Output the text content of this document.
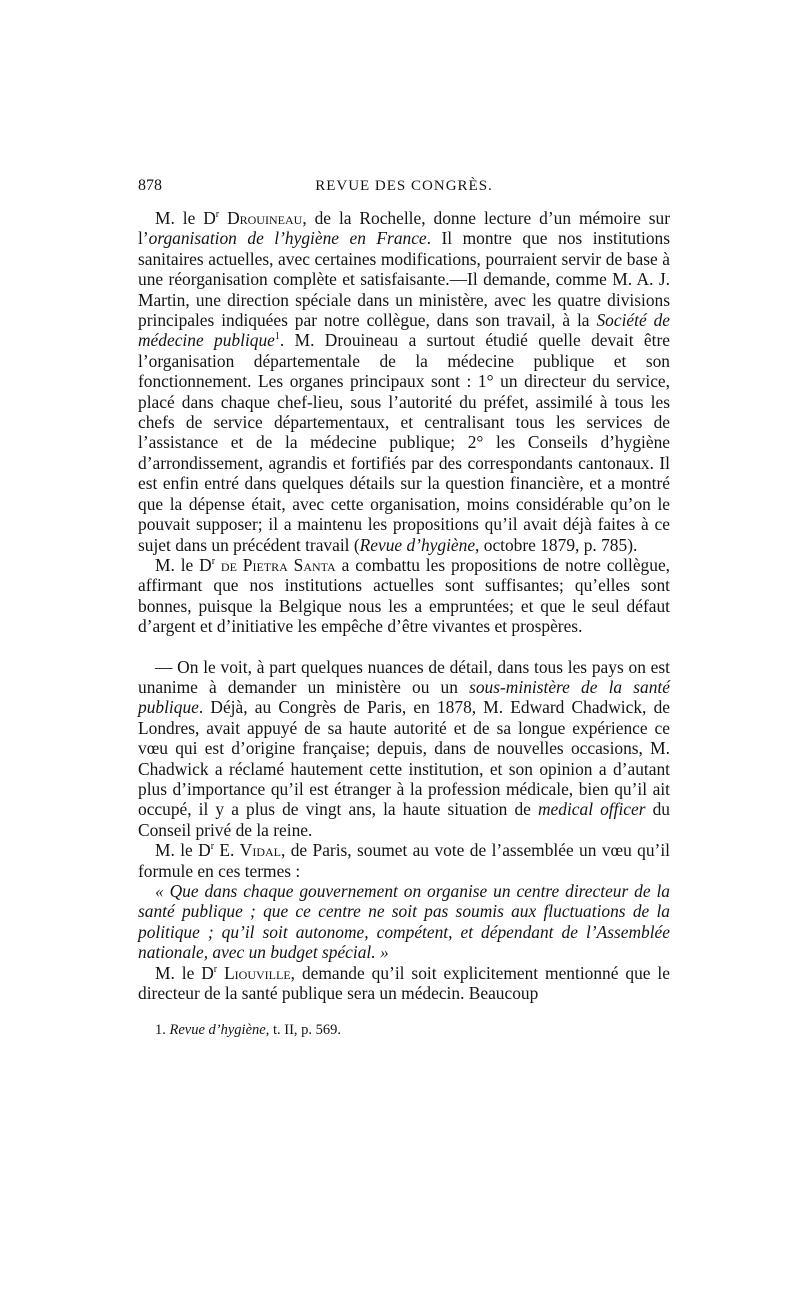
878	REVUE DES CONGRÈS.

M. le $D^r$ Drouineau, de la Rochelle, donne lecture d’un mémoire sur l’organisation de l’hygiène en France. Il montre que nos institutions sanitaires actuelles, avec certaines modifications, pourraient servir de base à une réorganisation complète et satisfaisante.—Il demande, comme M. A. J. Martin, une direction spéciale dans un ministère, avec les quatre divisions principales indiquées par notre collègue, dans son travail, à la Société de médecine publique$^1$. M. Drouineau a surtout étudié quelle devait être l’organisation départementale de la médecine publique et son fonctionnement. Les organes principaux sont : 1° un directeur du service, placé dans chaque chef-lieu, sous l’autorité du préfet, assimilé à tous les chefs de service départementaux, et centralisant tous les services de l’assistance et de la médecine publique; 2° les Conseils d’hygiène d’arrondissement, agrandis et fortifiés par des correspondants cantonaux. Il est enfin entré dans quelques détails sur la question financière, et a montré que la dépense était, avec cette organisation, moins considérable qu’on le pouvait supposer; il a maintenu les propositions qu’il avait déjà faites à ce sujet dans un précédent travail (Revue d’hygiène, octobre 1879, p. 785).

M. le $D^r$ de Pietra Santa a combattu les propositions de notre collègue, affirmant que nos institutions actuelles sont suffisantes; qu’elles sont bonnes, puisque la Belgique nous les a empruntées; et que le seul défaut d’argent et d’initiative les empêche d’être vivantes et prospères.

— On le voit, à part quelques nuances de détail, dans tous les pays on est unanime à demander un ministère ou un sous-ministère de la santé publique. Déjà, au Congrès de Paris, en 1878, M. Edward Chadwick, de Londres, avait appuyé de sa haute autorité et de sa longue expérience ce vœu qui est d’origine française; depuis, dans de nouvelles occasions, M. Chadwick a réclamé hautement cette institution, et son opinion a d’autant plus d’importance qu’il est étranger à la profession médicale, bien qu’il ait occupé, il y a plus de vingt ans, la haute situation de medical officer du Conseil privé de la reine.

M. le $D^r$ E. Vidal, de Paris, soumet au vote de l’assemblée un vœu qu’il formule en ces termes :

« Que dans chaque gouvernement on organise un centre directeur de la santé publique ; que ce centre ne soit pas soumis aux fluctuations de la politique ; qu’il soit autonome, compétent, et dépendant de l’Assemblée nationale, avec un budget spécial. »

M. le $D^r$ Liouville, demande qu’il soit explicitement mentionné que le directeur de la santé publique sera un médecin. Beaucoup

1. Revue d’hygiène, t. II, p. 569.
